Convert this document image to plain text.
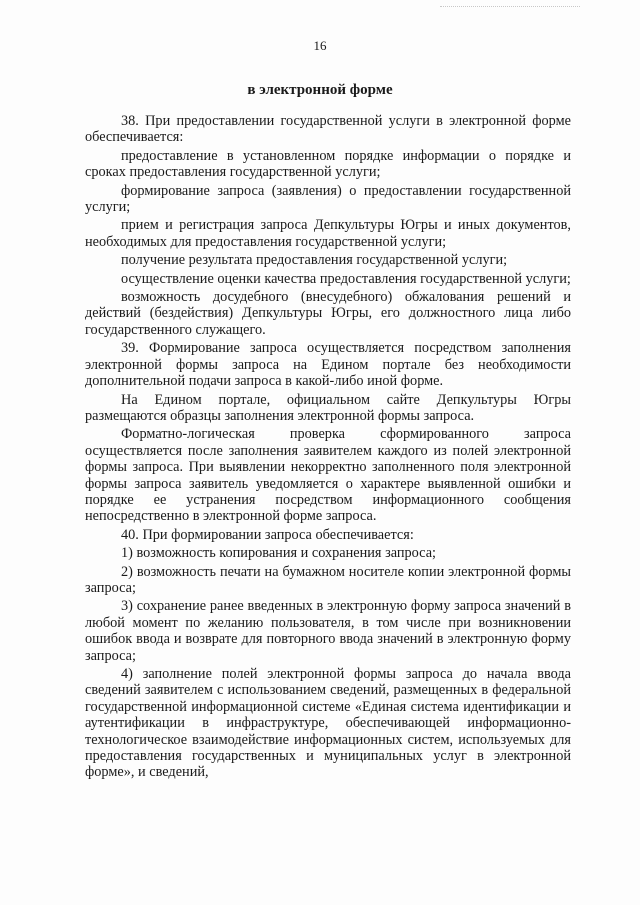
16
в электронной форме

38. При предоставлении государственной услуги в электронной форме обеспечивается:

предоставление в установленном порядке информации о порядке и сроках предоставления государственной услуги;

формирование запроса (заявления) о предоставлении государственной услуги;

прием и регистрация запроса Депкультуры Югры и иных документов, необходимых для предоставления государственной услуги;

получение результата предоставления государственной услуги;

осуществление оценки качества предоставления государственной услуги;

возможность досудебного (внесудебного) обжалования решений и действий (бездействия) Депкультуры Югры, его должностного лица либо государственного служащего.

39. Формирование запроса осуществляется посредством заполнения электронной формы запроса на Едином портале без необходимости дополнительной подачи запроса в какой-либо иной форме.

На Едином портале, официальном сайте Депкультуры Югры размещаются образцы заполнения электронной формы запроса.

Форматно-логическая проверка сформированного запроса осуществляется после заполнения заявителем каждого из полей электронной формы запроса. При выявлении некорректно заполненного поля электронной формы запроса заявитель уведомляется о характере выявленной ошибки и порядке ее устранения посредством информационного сообщения непосредственно в электронной форме запроса.

40. При формировании запроса обеспечивается:

1) возможность копирования и сохранения запроса;

2) возможность печати на бумажном носителе копии электронной формы запроса;

3) сохранение ранее введенных в электронную форму запроса значений в любой момент по желанию пользователя, в том числе при возникновении ошибок ввода и возврате для повторного ввода значений в электронную форму запроса;

4) заполнение полей электронной формы запроса до начала ввода сведений заявителем с использованием сведений, размещенных в федеральной государственной информационной системе «Единая система идентификации и аутентификации в инфраструктуре, обеспечивающей информационно-технологическое взаимодействие информационных систем, используемых для предоставления государственных и муниципальных услуг в электронной форме», и сведений,
